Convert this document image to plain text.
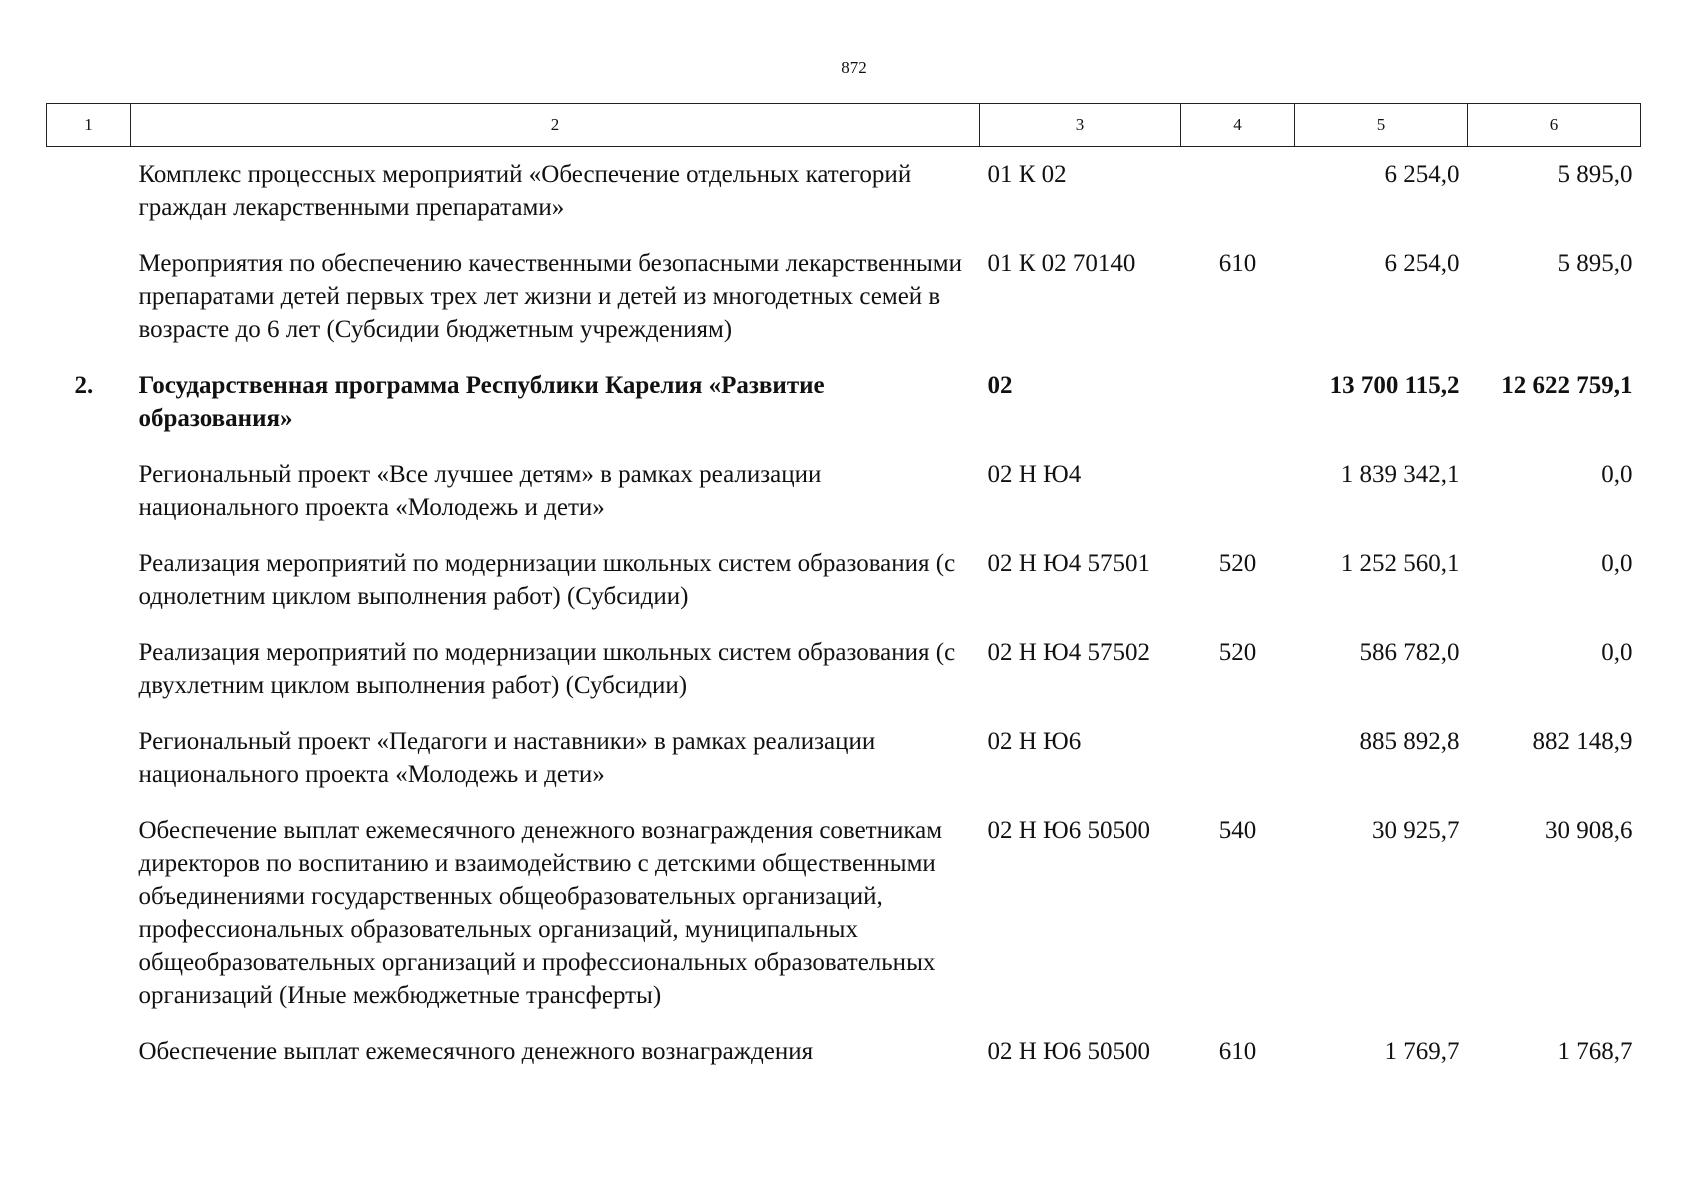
872
1	2	3	4	5	6
	Комплекс процессных мероприятий «Обеспечение отдельных категорий граждан лекарственными препаратами»	01 К 02		6 254,0	5 895,0
	Мероприятия по обеспечению качественными безопасными лекарственными препаратами детей первых трех лет жизни и детей из многодетных семей в возрасте до 6 лет (Субсидии бюджетным учреждениям)	01 К 02 70140	610	6 254,0	5 895,0
2.	Государственная программа Республики Карелия «Развитие образования»	02		13 700 115,2	12 622 759,1
	Региональный проект «Все лучшее детям» в рамках реализации национального проекта «Молодежь и дети»	02 Н Ю4		1 839 342,1	0,0
	Реализация мероприятий по модернизации школьных систем образования (с однолетним циклом выполнения работ) (Субсидии)	02 Н Ю4 57501	520	1 252 560,1	0,0
	Реализация мероприятий по модернизации школьных систем образования (с двухлетним циклом выполнения работ) (Субсидии)	02 Н Ю4 57502	520	586 782,0	0,0
	Региональный проект «Педагоги и наставники» в рамках реализации национального проекта «Молодежь и дети»	02 Н Ю6		885 892,8	882 148,9
	Обеспечение выплат ежемесячного денежного вознаграждения советникам директоров по воспитанию и взаимодействию с детскими общественными объединениями государственных общеобразовательных организаций, профессиональных образовательных организаций, муниципальных общеобразовательных организаций и профессиональных образовательных организаций (Иные межбюджетные трансферты)	02 Н Ю6 50500	540	30 925,7	30 908,6
	Обеспечение выплат ежемесячного денежного вознаграждения	02 Н Ю6 50500	610	1 769,7	1 768,7
